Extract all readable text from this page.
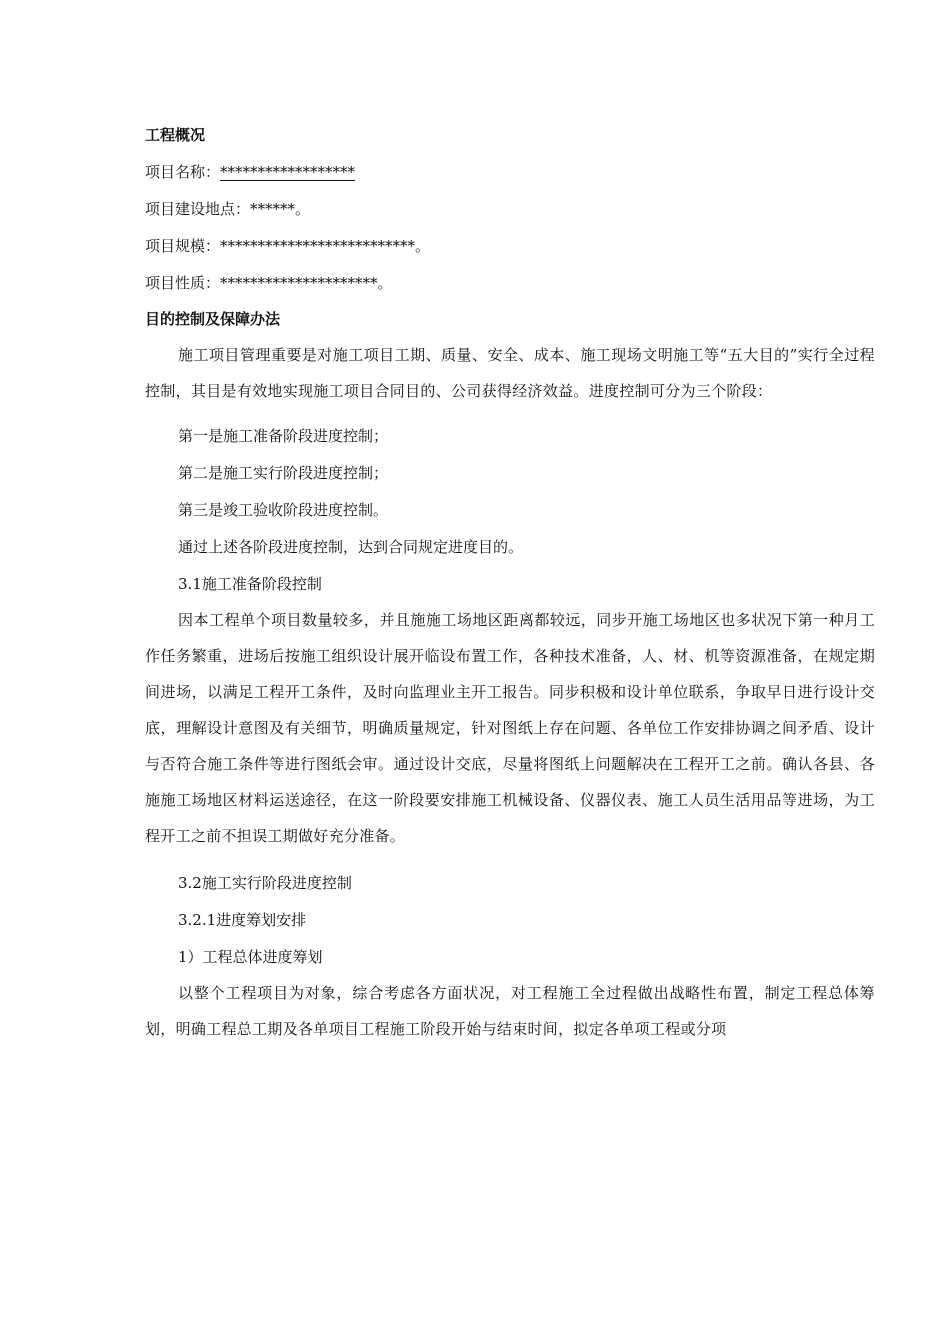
工程概况

项目名称：******************

项目建设地点：******。

项目规模：**************************。

项目性质：*********************。

目的控制及保障办法

施工项目管理重要是对施工项目工期、质量、安全、成本、施工现场文明施工等“五大目的”实行全过程控制，其目是有效地实现施工项目合同目的、公司获得经济效益。进度控制可分为三个阶段：

第一是施工准备阶段进度控制；

第二是施工实行阶段进度控制；

第三是竣工验收阶段进度控制。

通过上述各阶段进度控制，达到合同规定进度目的。

3.1施工准备阶段控制

因本工程单个项目数量较多，并且施施工场地区距离都较远，同步开施工场地区也多状况下第一种月工作任务繁重，进场后按施工组织设计展开临设布置工作，各种技术准备，人、材、机等资源准备，在规定期间进场，以满足工程开工条件，及时向监理业主开工报告。同步积极和设计单位联系，争取早日进行设计交底，理解设计意图及有关细节，明确质量规定，针对图纸上存在问题、各单位工作安排协调之间矛盾、设计与否符合施工条件等进行图纸会审。通过设计交底，尽量将图纸上问题解决在工程开工之前。确认各县、各施施工场地区材料运送途径，在这一阶段要安排施工机械设备、仪器仪表、施工人员生活用品等进场，为工程开工之前不担误工期做好充分准备。

3.2施工实行阶段进度控制

3.2.1进度筹划安排

1）工程总体进度筹划

以整个工程项目为对象，综合考虑各方面状况，对工程施工全过程做出战略性布置，制定工程总体筹划，明确工程总工期及各单项目工程施工阶段开始与结束时间，拟定各单项工程或分项
